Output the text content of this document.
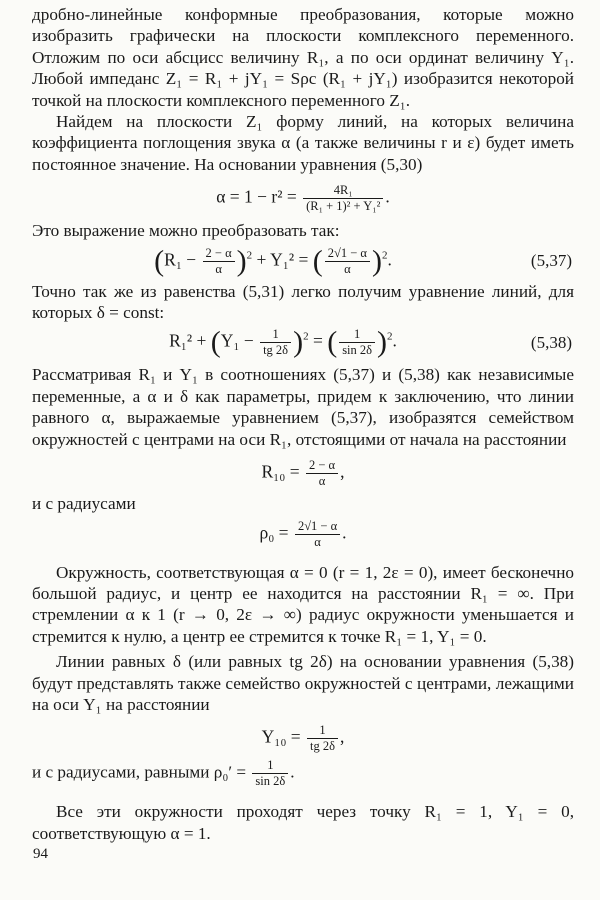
дробно-линейные конформные преобразования, которые можно изобразить графически на плоскости комплексного переменного. Отложим по оси абсцисс величину R₁, а по оси ординат величину Y₁. Любой импеданс Z₁ = R₁ + jY₁ = Sρc (R₁ + jY₁) изобразится некоторой точкой на плоскости комплексного переменного Z₁.

Найдем на плоскости Z₁ форму линий, на которых величина коэффициента поглощения звука α (а также величины r и ε) будет иметь постоянное значение. На основании уравнения (5,30)

$\alpha = 1 - r^2 = \frac{\text{4R₁}}{\text{(R₁ + 1)² + Y₁²}}$ .

Это выражение можно преобразовать так:

$(R_1 - \frac{2 - \alpha}{\alpha} )^2 + Y_1^2$ = ( $\frac{2√1 - \alpha}{\alpha} )^2$.	(5,37)

Точно так же из равенства (5,31) легко получим уравнение линий, для которых δ = const:

$R_1^2 + (Y_1 - \frac{1}{tg 2\delta} )^2$ = ( $\frac{1}{\sin 2\delta} )^2$.	(5,38)

Рассматривая R₁ и Y₁ в соотношениях (5,37) и (5,38) как независимые переменные, а α и δ как параметры, придем к заключению, что линии равного α, выражаемые уравнением (5,37), изобразятся семейством окружностей с центрами на оси R₁, отстоящими от начала на расстоянии

$R_{10} = \frac{2 - \alpha}{\alpha}$ ,

и с радиусами

$\rho_0 = \frac{2√1 - \alpha}{\alpha}$ .

Окружность, соответствующая α = 0 (r = 1, 2ε = 0), имеет бесконечно большой радиус, и центр ее находится на расстоянии R₁ = ∞. При стремлении α к 1 (r → 0, 2ε → ∞) радиус окружности уменьшается и стремится к нулю, а центр ее стремится к точке R₁ = 1, Y₁ = 0.

Линии равных δ (или равных tg 2δ) на основании уравнения (5,38) будут представлять также семейство окружностей с центрами, лежащими на оси Y₁ на расстоянии

$Y_{10} = \frac{1}{tg 2\delta}$ ,
и с радиусами, равными $\rho_0' = \frac{1}{\sin 2\delta}$ .

Все эти окружности проходят через точку R₁ = 1, Y₁ = 0, соответствующую α = 1.

94
